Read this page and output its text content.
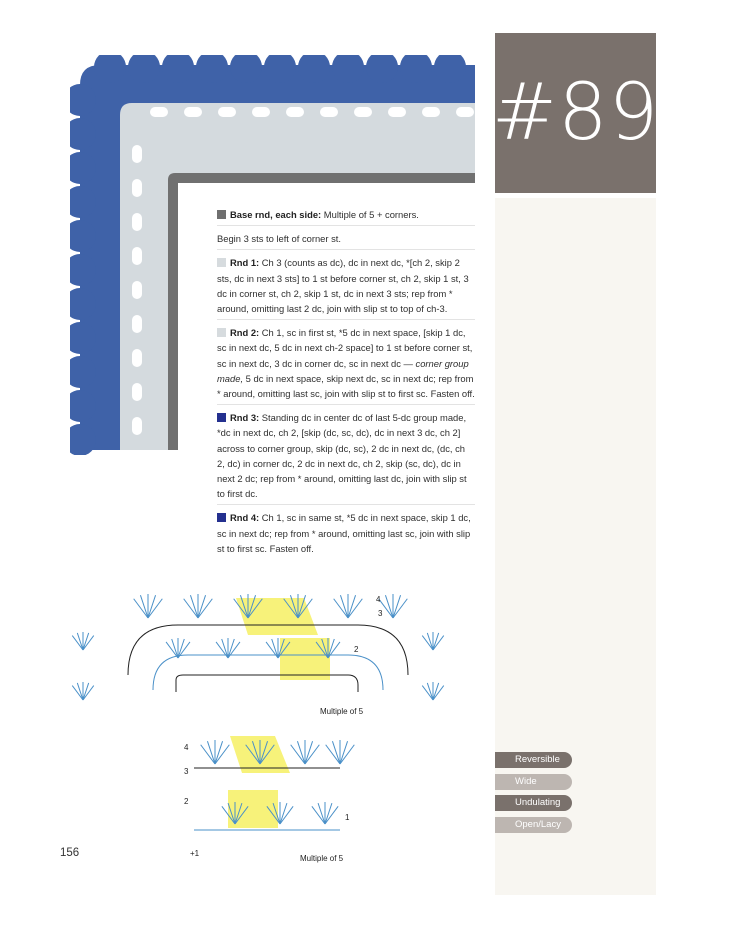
#89
Base rnd, each side: Multiple of 5 + corners.
Begin 3 sts to left of corner st.
Rnd 1: Ch 3 (counts as dc), dc in next dc, *[ch 2, skip 2 sts, dc in next 3 sts] to 1 st before corner st, ch 2, skip 1 st, 3 dc in corner st, ch 2, skip 1 st, dc in next 3 sts; rep from * around, omitting last 2 dc, join with slip st to top of ch-3.
Rnd 2: Ch 1, sc in first st, *5 dc in next space, [skip 1 dc, sc in next dc, 5 dc in next ch-2 space] to 1 st before corner st, sc in next dc, 3 dc in corner dc, sc in next dc — corner group made, 5 dc in next space, skip next dc, sc in next dc; rep from * around, omitting last sc, join with slip st to first sc. Fasten off.
Rnd 3: Standing dc in center dc of last 5-dc group made, *dc in next dc, ch 2, [skip (dc, sc, dc), dc in next 3 dc, ch 2] across to corner group, skip (dc, sc), 2 dc in next dc, (dc, ch 2, dc) in corner dc, 2 dc in next dc, ch 2, skip (sc, dc), dc in next 2 dc; rep from * around, omitting last dc, join with slip st to first dc.
Rnd 4: Ch 1, sc in same st, *5 dc in next space, skip 1 dc, sc in next dc; rep from * around, omitting last sc, join with slip st to first sc. Fasten off.
3
4
2
Multiple of 5
4
3
2
1
+1
Multiple of 5
Reversible
Wide
Undulating
Open/Lacy
156
